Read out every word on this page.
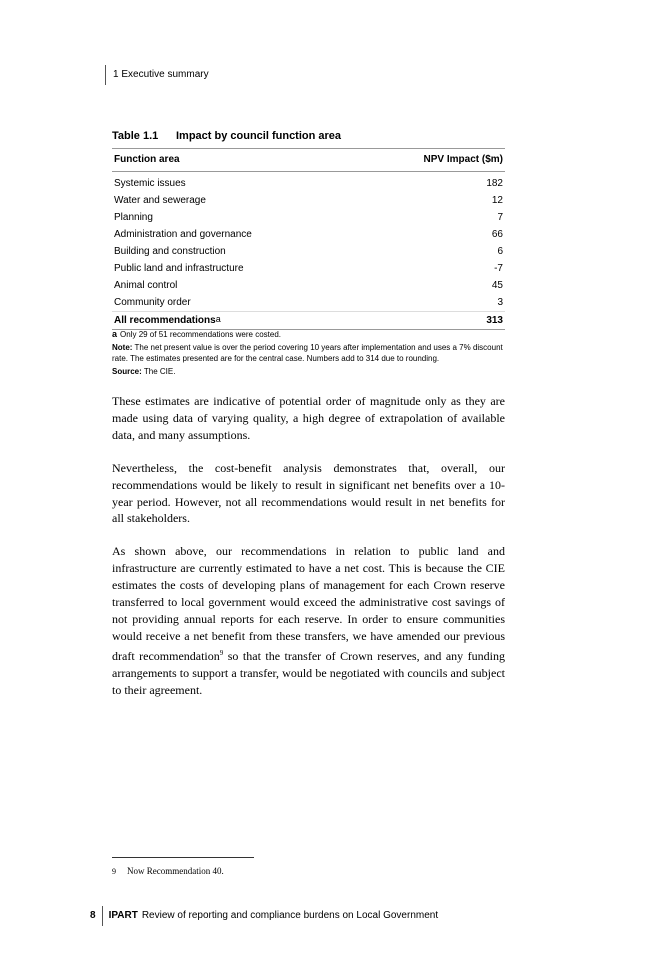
1 Executive summary
Table 1.1 Impact by council function area
Function area	NPV Impact ($m)
Systemic issues	182
Water and sewerage	12
Planning	7
Administration and governance	66
Building and construction	6
Public land and infrastructure	-7
Animal control	45
Community order	3
All recommendations$^a$	313

a Only 29 of 51 recommendations were costed.

Note: The net present value is over the period covering 10 years after implementation and uses a 7% discount rate. The estimates presented are for the central case. Numbers add to 314 due to rounding.

Source: The CIE.

These estimates are indicative of potential order of magnitude only as they are made using data of varying quality, a high degree of extrapolation of available data, and many assumptions.

Nevertheless, the cost-benefit analysis demonstrates that, overall, our recommendations would be likely to result in significant net benefits over a 10-year period. However, not all recommendations would result in net benefits for all stakeholders.

As shown above, our recommendations in relation to public land and infrastructure are currently estimated to have a net cost. This is because the CIE estimates the costs of developing plans of management for each Crown reserve transferred to local government would exceed the administrative cost savings of not providing annual reports for each reserve. In order to ensure communities would receive a net benefit from these transfers, we have amended our previous draft recommendation$^9$ so that the transfer of Crown reserves, and any funding arrangements to support a transfer, would be negotiated with councils and subject to their agreement.

9 Now Recommendation 40.
8 IPART Review of reporting and compliance burdens on Local Government
